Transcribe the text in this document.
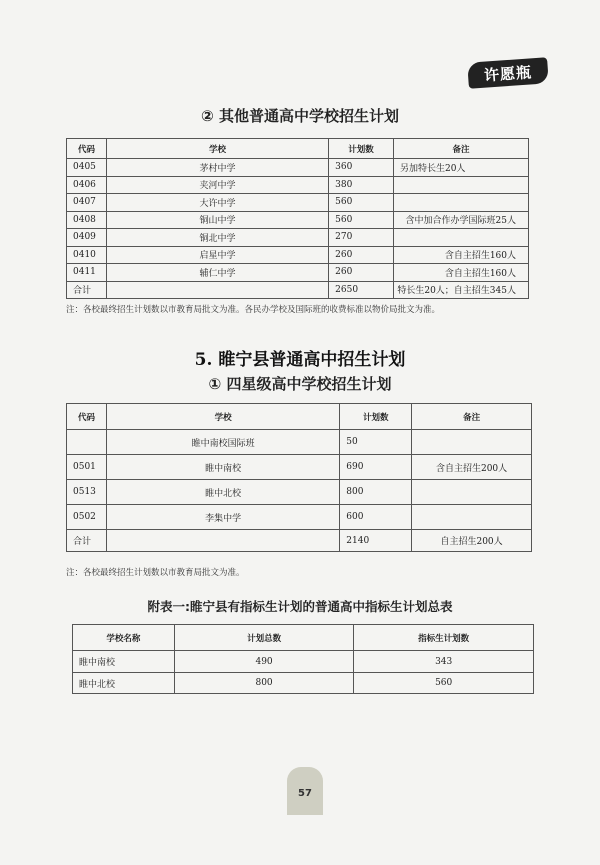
许愿瓶
② 其他普通高中学校招生计划
代码	学校	计划数	备注
0405	茅村中学	360	另加特长生20人
0406	夹河中学	380	
0407	大许中学	560	
0408	铜山中学	560	含中加合作办学国际班25人
0409	铜北中学	270	
0410	启星中学	260	含自主招生160人
0411	辅仁中学	260	含自主招生160人
合计		2650	特长生20人；自主招生345人
注：各校最终招生计划数以市教育局批文为准。各民办学校及国际班的收费标准以物价局批文为准。
5. 睢宁县普通高中招生计划
① 四星级高中学校招生计划
代码	学校	计划数	备注
	睢中南校国际班	50	
0501	睢中南校	690	含自主招生200人
0513	睢中北校	800	
0502	李集中学	600	
合计		2140	自主招生200人
注：各校最终招生计划数以市教育局批文为准。
附表一:睢宁县有指标生计划的普通高中指标生计划总表
学校名称	计划总数	指标生计划数
睢中南校	490	343
睢中北校	800	560
57
